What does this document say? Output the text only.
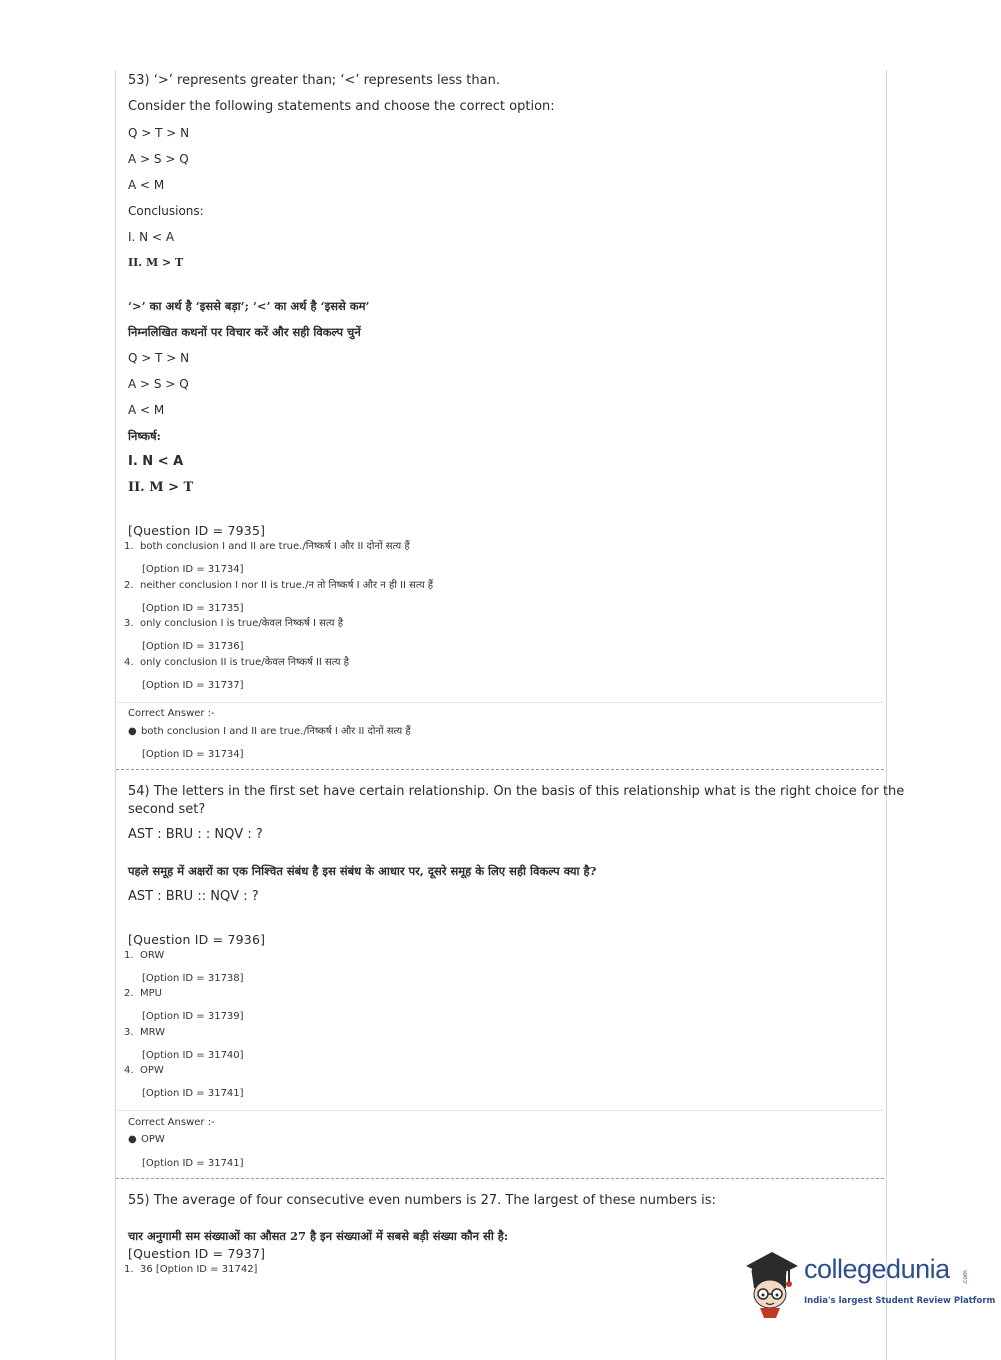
53) ‘>’ represents greater than; ‘<’ represents less than.

Consider the following statements and choose the correct option:

Q > T > N

A > S > Q

A < M

Conclusions:

I. N < A

II. M > T

‘>’ का अर्थ है ‘इससे बड़ा’; ‘<’ का अर्थ है ‘इससे कम’

निम्नलिखित कथनों पर विचार करें और सही विकल्प चुनें

Q > T > N

A > S > Q

A < M

निष्कर्ष:

I. N < A

II. M > T

[Question ID = 7935]

1. both conclusion I and II are true./निष्कर्ष I और II दोनों सत्य हैं
[Option ID = 31734]
2. neither conclusion I nor II is true./न तो निष्कर्ष I और न ही II सत्य हैं
[Option ID = 31735]
3. only conclusion I is true/केवल निष्कर्ष I सत्य है
[Option ID = 31736]
4. only conclusion II is true/केवल निष्कर्ष II सत्य है
[Option ID = 31737]
Correct Answer :-
● both conclusion I and II are true./निष्कर्ष I और II दोनों सत्य हैं
[Option ID = 31734]

54) The letters in the first set have certain relationship. On the basis of this relationship what is the right choice for the

second set?

AST : BRU : : NQV : ?

पहले समूह में अक्षरों का एक निश्चित संबंध है इस संबंध के आधार पर, दूसरे समूह के लिए सही विकल्प क्या है?

AST : BRU :: NQV : ?

[Question ID = 7936]

1. ORW
[Option ID = 31738]
2. MPU
[Option ID = 31739]
3. MRW
[Option ID = 31740]
4. OPW
[Option ID = 31741]
Correct Answer :-
● OPW
[Option ID = 31741]

55) The average of four consecutive even numbers is 27. The largest of these numbers is:

चार अनुगामी सम संख्याओं का औसत 27 है इन संख्याओं में सबसे बड़ी संख्या कौन सी है:

[Question ID = 7937]

1. 36 [Option ID = 31742]	collegedunia .com
India's largest Student Review Platform
